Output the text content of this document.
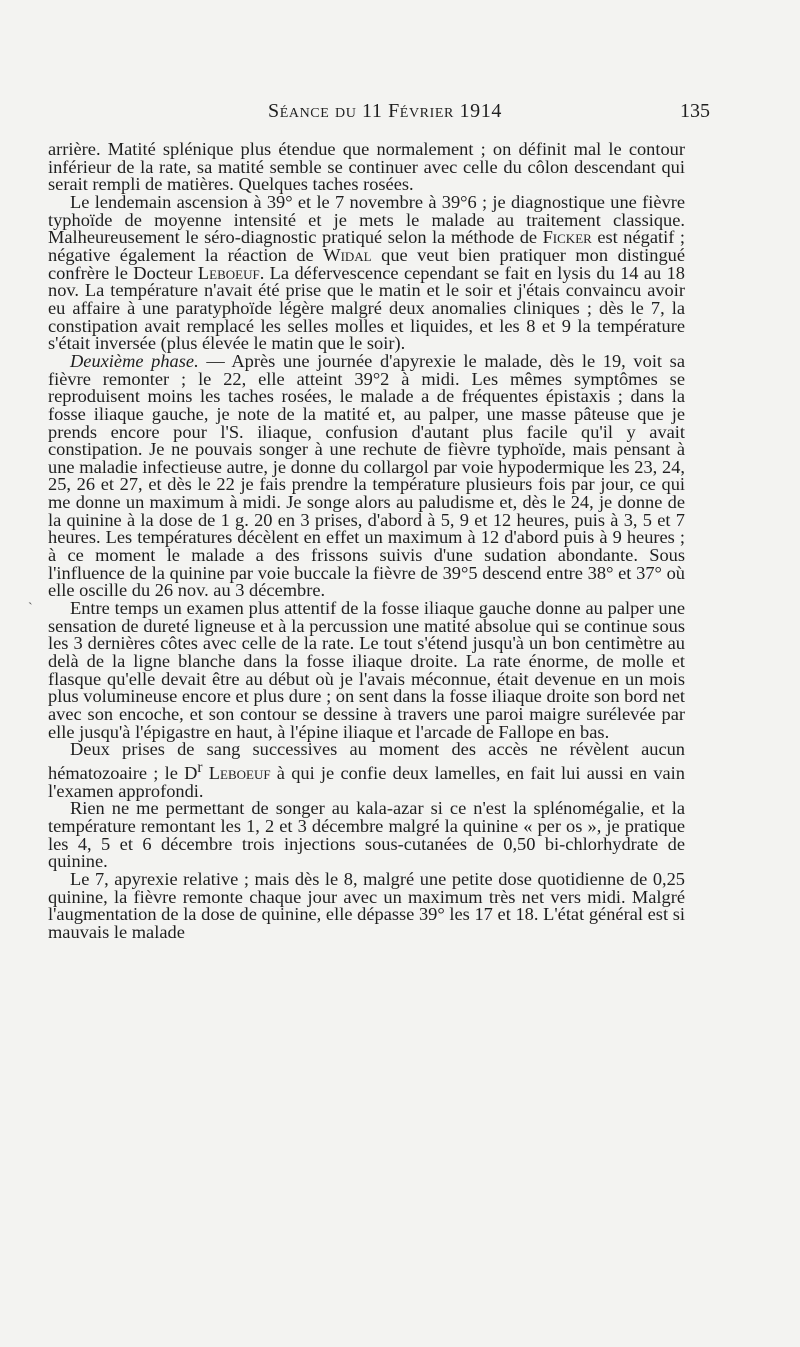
Séance du 11 Février 1914	135
`

arrière. Matité splénique plus étendue que normalement ; on définit mal le contour inférieur de la rate, sa matité semble se continuer avec celle du côlon descendant qui serait rempli de matières. Quelques taches rosées.

Le lendemain ascension à 39° et le 7 novembre à 39°6 ; je diagnostique une fièvre typhoïde de moyenne intensité et je mets le malade au traitement classique. Malheureusement le séro-diagnostic pratiqué selon la méthode de Ficker est négatif ; négative également la réaction de Widal que veut bien pratiquer mon distingué confrère le Docteur Leboeuf. La défervescence cependant se fait en lysis du 14 au 18 nov. La température n'avait été prise que le matin et le soir et j'étais convaincu avoir eu affaire à une paratyphoïde légère malgré deux anomalies cliniques ; dès le 7, la constipation avait remplacé les selles molles et liquides, et les 8 et 9 la température s'était inversée (plus élevée le matin que le soir).

Deuxième phase. — Après une journée d'apyrexie le malade, dès le 19, voit sa fièvre remonter ; le 22, elle atteint 39°2 à midi. Les mêmes symptômes se reproduisent moins les taches rosées, le malade a de fréquentes épistaxis ; dans la fosse iliaque gauche, je note de la matité et, au palper, une masse pâteuse que je prends encore pour l'S. iliaque, confusion d'autant plus facile qu'il y avait constipation. Je ne pouvais songer à une rechute de fièvre typhoïde, mais pensant à une maladie infectieuse autre, je donne du collargol par voie hypodermique les 23, 24, 25, 26 et 27, et dès le 22 je fais prendre la température plusieurs fois par jour, ce qui me donne un maximum à midi. Je songe alors au paludisme et, dès le 24, je donne de la quinine à la dose de 1 g. 20 en 3 prises, d'abord à 5, 9 et 12 heures, puis à 3, 5 et 7 heures. Les températures décèlent en effet un maximum à 12 d'abord puis à 9 heures ; à ce moment le malade a des frissons suivis d'une sudation abondante. Sous l'influence de la quinine par voie buccale la fièvre de 39°5 descend entre 38° et 37° où elle oscille du 26 nov. au 3 décembre.

Entre temps un examen plus attentif de la fosse iliaque gauche donne au palper une sensation de dureté ligneuse et à la percussion une matité absolue qui se continue sous les 3 dernières côtes avec celle de la rate. Le tout s'étend jusqu'à un bon centimètre au delà de la ligne blanche dans la fosse iliaque droite. La rate énorme, de molle et flasque qu'elle devait être au début où je l'avais méconnue, était devenue en un mois plus volumineuse encore et plus dure ; on sent dans la fosse iliaque droite son bord net avec son encoche, et son contour se dessine à travers une paroi maigre surélevée par elle jusqu'à l'épigastre en haut, à l'épine iliaque et l'arcade de Fallope en bas.

Deux prises de sang successives au moment des accès ne révèlent aucun hématozoaire ; le $D^r$ Leboeuf à qui je confie deux lamelles, en fait lui aussi en vain l'examen approfondi.

Rien ne me permettant de songer au kala-azar si ce n'est la splénomégalie, et la température remontant les 1, 2 et 3 décembre malgré la quinine « per os », je pratique les 4, 5 et 6 décembre trois injections sous-cutanées de 0,50 bi-chlorhydrate de quinine.

Le 7, apyrexie relative ; mais dès le 8, malgré une petite dose quotidienne de 0,25 quinine, la fièvre remonte chaque jour avec un maximum très net vers midi. Malgré l'augmentation de la dose de quinine, elle dépasse 39° les 17 et 18. L'état général est si mauvais le malade
